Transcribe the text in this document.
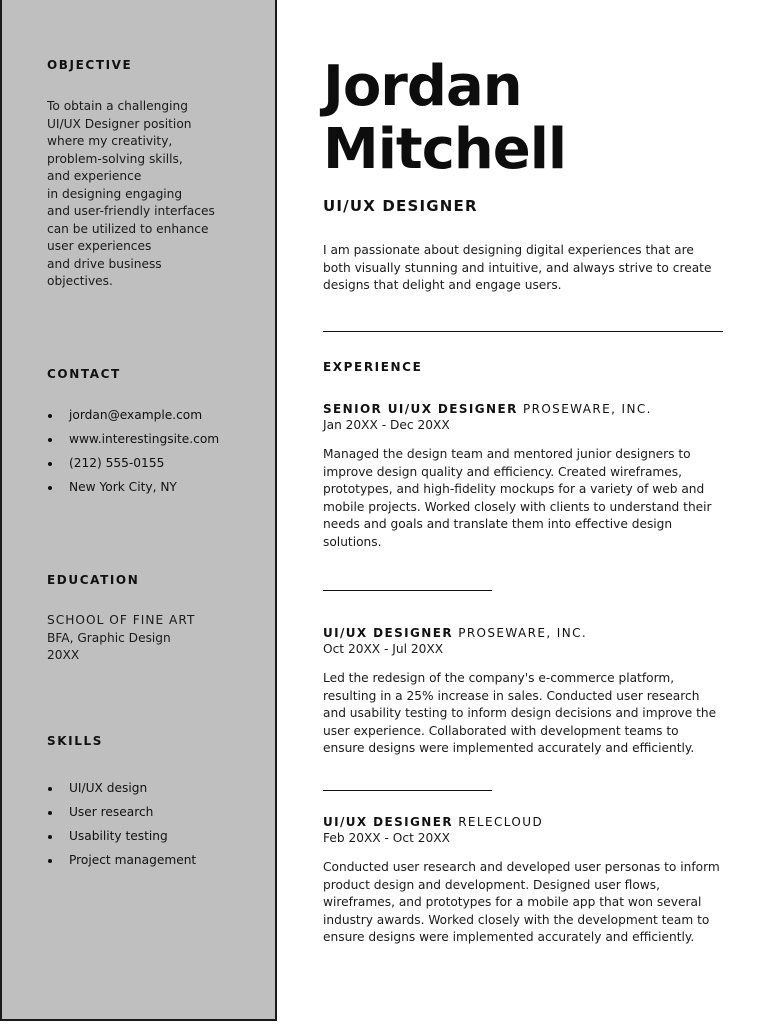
OBJECTIVE
To obtain a challenging
UI/UX Designer position
where my creativity,
problem-solving skills,
and experience
in designing engaging
and user-friendly interfaces
can be utilized to enhance
user experiences
and drive business
objectives.
CONTACT
jordan@example.com
www.interestingsite.com
(212) 555-0155
New York City, NY
EDUCATION
SCHOOL OF FINE ART
BFA, Graphic Design
20XX
SKILLS
UI/UX design
User research
Usability testing
Project management
Jordan
Mitchell
UI/UX DESIGNER

I am passionate about designing digital experiences that are both visually stunning and intuitive, and always strive to create designs that delight and engage users.

EXPERIENCE

SENIOR UI/UX DESIGNER PROSEWARE, INC.

Jan 20XX - Dec 20XX

Managed the design team and mentored junior designers to improve design quality and efficiency. Created wireframes, prototypes, and high-fidelity mockups for a variety of web and mobile projects. Worked closely with clients to understand their needs and goals and translate them into effective design solutions.

UI/UX DESIGNER PROSEWARE, INC.

Oct 20XX - Jul 20XX

Led the redesign of the company's e-commerce platform, resulting in a 25% increase in sales. Conducted user research and usability testing to inform design decisions and improve the user experience. Collaborated with development teams to ensure designs were implemented accurately and efficiently.

UI/UX DESIGNER RELECLOUD

Feb 20XX - Oct 20XX

Conducted user research and developed user personas to inform product design and development. Designed user flows, wireframes, and prototypes for a mobile app that won several industry awards. Worked closely with the development team to ensure designs were implemented accurately and efficiently.
